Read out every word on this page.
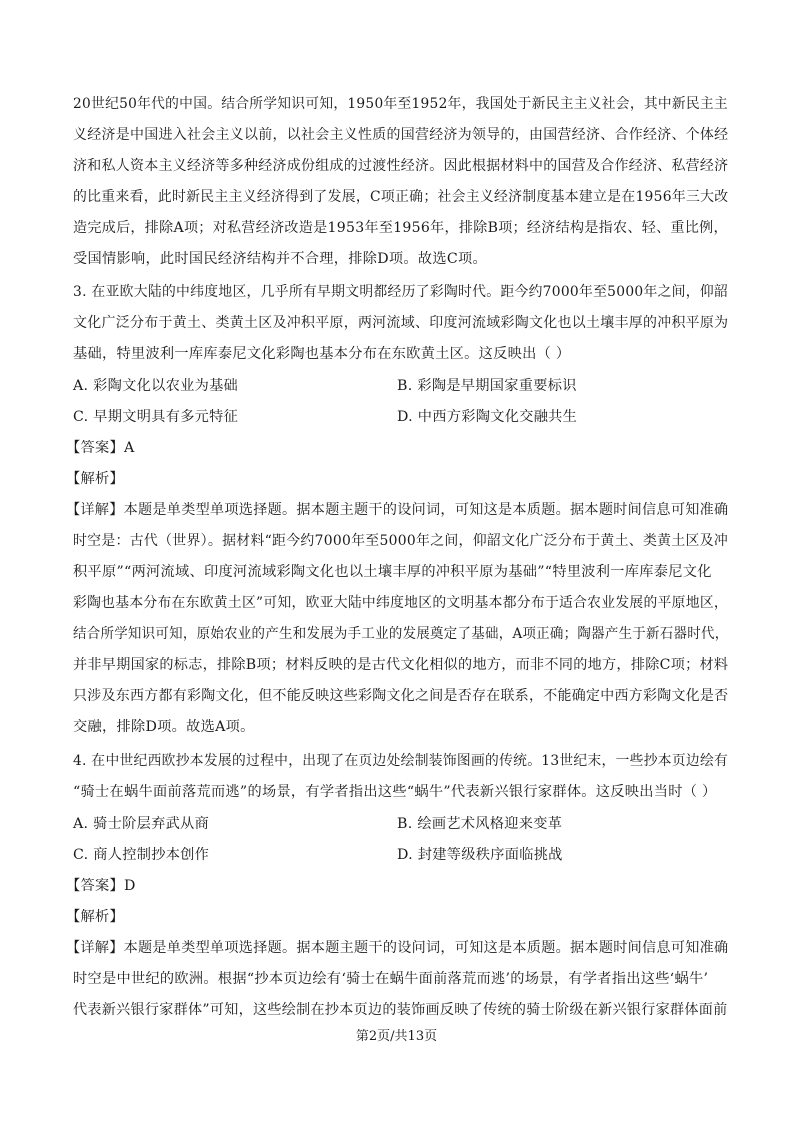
20世纪50年代的中国。结合所学知识可知，1950年至1952年，我国处于新民主主义社会，其中新民主主
义经济是中国进入社会主义以前，以社会主义性质的国营经济为领导的，由国营经济、合作经济、个体经
济和私人资本主义经济等多种经济成份组成的过渡性经济。因此根据材料中的国营及合作经济、私营经济
的比重来看，此时新民主主义经济得到了发展，C项正确；社会主义经济制度基本建立是在1956年三大改
造完成后，排除A项；对私营经济改造是1953年至1956年，排除B项；经济结构是指农、轻、重比例，
受国情影响，此时国民经济结构并不合理，排除D项。故选C项。
3. 在亚欧大陆的中纬度地区，几乎所有早期文明都经历了彩陶时代。距今约7000年至5000年之间，仰韶
文化广泛分布于黄土、类黄土区及冲积平原，两河流域、印度河流域彩陶文化也以土壤丰厚的冲积平原为
基础，特里波利一库库泰尼文化彩陶也基本分布在东欧黄土区。这反映出（ ）
A. 彩陶文化以农业为基础	B. 彩陶是早期国家重要标识
C. 早期文明具有多元特征	D. 中西方彩陶文化交融共生
【答案】A
【解析】
【详解】本题是单类型单项选择题。据本题主题干的设问词，可知这是本质题。据本题时间信息可知准确
时空是：古代（世界）。据材料“距今约7000年至5000年之间，仰韶文化广泛分布于黄土、类黄土区及冲
积平原”“两河流域、印度河流域彩陶文化也以土壤丰厚的冲积平原为基础”“特里波利一库库泰尼文化
彩陶也基本分布在东欧黄土区”可知，欧亚大陆中纬度地区的文明基本都分布于适合农业发展的平原地区，
结合所学知识可知，原始农业的产生和发展为手工业的发展奠定了基础，A项正确；陶器产生于新石器时代，
并非早期国家的标志，排除B项；材料反映的是古代文化相似的地方，而非不同的地方，排除C项；材料
只涉及东西方都有彩陶文化，但不能反映这些彩陶文化之间是否存在联系，不能确定中西方彩陶文化是否
交融，排除D项。故选A项。
4. 在中世纪西欧抄本发展的过程中，出现了在页边处绘制装饰图画的传统。13世纪末，一些抄本页边绘有
“骑士在蜗牛面前落荒而逃”的场景，有学者指出这些“蜗牛”代表新兴银行家群体。这反映出当时（ ）
A. 骑士阶层弃武从商	B. 绘画艺术风格迎来变革
C. 商人控制抄本创作	D. 封建等级秩序面临挑战
【答案】D
【解析】
【详解】本题是单类型单项选择题。据本题主题干的设问词，可知这是本质题。据本题时间信息可知准确
时空是中世纪的欧洲。根据“抄本页边绘有‘骑士在蜗牛面前落荒而逃’的场景，有学者指出这些‘蜗牛’
代表新兴银行家群体”可知，这些绘制在抄本页边的装饰画反映了传统的骑士阶级在新兴银行家群体面前
第2页/共13页
